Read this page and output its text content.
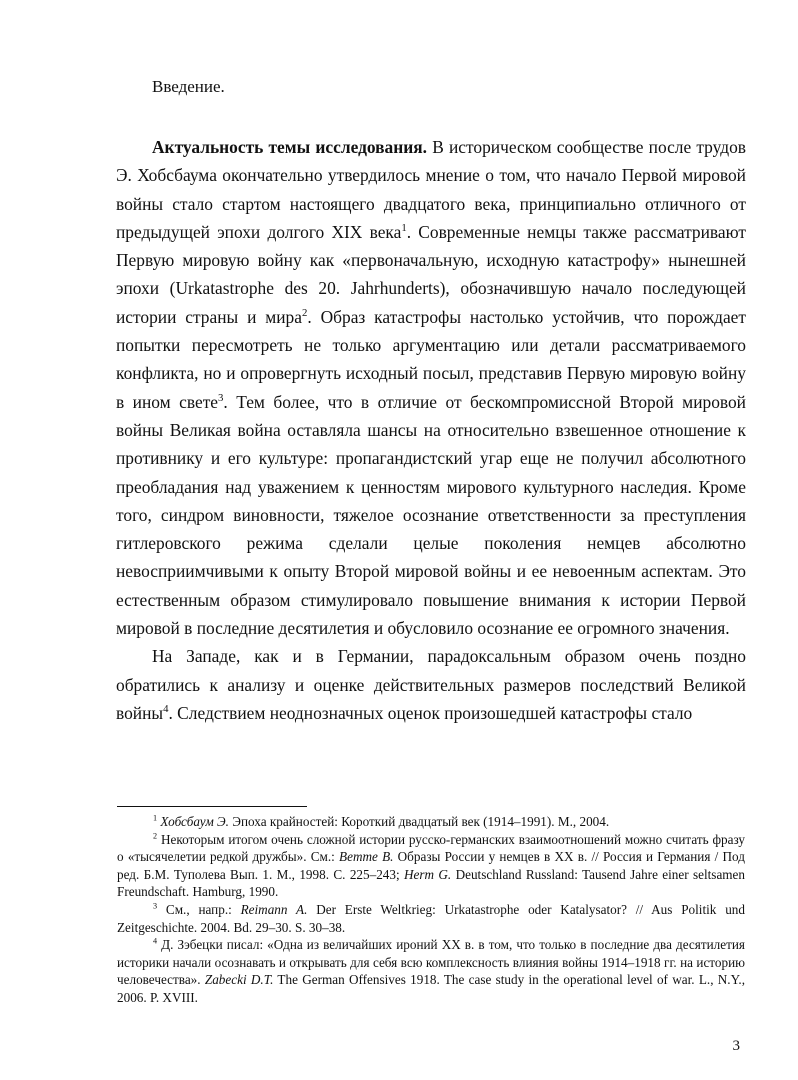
Введение.

Актуальность темы исследования. В историческом сообществе после трудов Э. Хобсбаума окончательно утвердилось мнение о том, что начало Первой мировой войны стало стартом настоящего двадцатого века, принципиально отличного от предыдущей эпохи долгого XIX века$^1$. Современные немцы также рассматривают Первую мировую войну как «первоначальную, исходную катастрофу» нынешней эпохи (Urkatastrophe des 20. Jahrhunderts), обозначившую начало последующей истории страны и мира$^2$. Образ катастрофы настолько устойчив, что порождает попытки пересмотреть не только аргументацию или детали рассматриваемого конфликта, но и опровергнуть исходный посыл, представив Первую мировую войну в ином свете$^3$. Тем более, что в отличие от бескомпромиссной Второй мировой войны Великая война оставляла шансы на относительно взвешенное отношение к противнику и его культуре: пропагандистский угар еще не получил абсолютного преобладания над уважением к ценностям мирового культурного наследия. Кроме того, синдром виновности, тяжелое осознание ответственности за преступления гитлеровского режима сделали целые поколения немцев абсолютно невосприимчивыми к опыту Второй мировой войны и ее невоенным аспектам. Это естественным образом стимулировало повышение внимания к истории Первой мировой в последние десятилетия и обусловило осознание ее огромного значения.

На Западе, как и в Германии, парадоксальным образом очень поздно обратились к анализу и оценке действительных размеров последствий Великой войны$^4$. Следствием неоднозначных оценок произошедшей катастрофы стало

$^1$ Хобсбаум Э. Эпоха крайностей: Короткий двадцатый век (1914–1991). М., 2004.

$^2$ Некоторым итогом очень сложной истории русско-германских взаимоотношений можно считать фразу о «тысячелетии редкой дружбы». См.: Bemme B. Образы России у немцев в XX в. // Россия и Германия / Под ред. Б.М. Туполева Вып. 1. М., 1998. С. 225–243; Herm G. Deutschland Russland: Tausend Jahre einer seltsamen Freundschaft. Hamburg, 1990.

$^3$ См., напр.: Reimann A. Der Erste Weltkrieg: Urkatastrophe oder Katalysator? // Aus Politik und Zeitgeschichte. 2004. Bd. 29–30. S. 30–38.

$^4$ Д. Зэбецки писал: «Одна из величайших ироний XX в. в том, что только в последние два десятилетия историки начали осознавать и открывать для себя всю комплексность влияния войны 1914–1918 гг. на историю человечества». Zabecki D.T. The German Offensives 1918. The case study in the operational level of war. L., N.Y., 2006. P. XVIII.

3
